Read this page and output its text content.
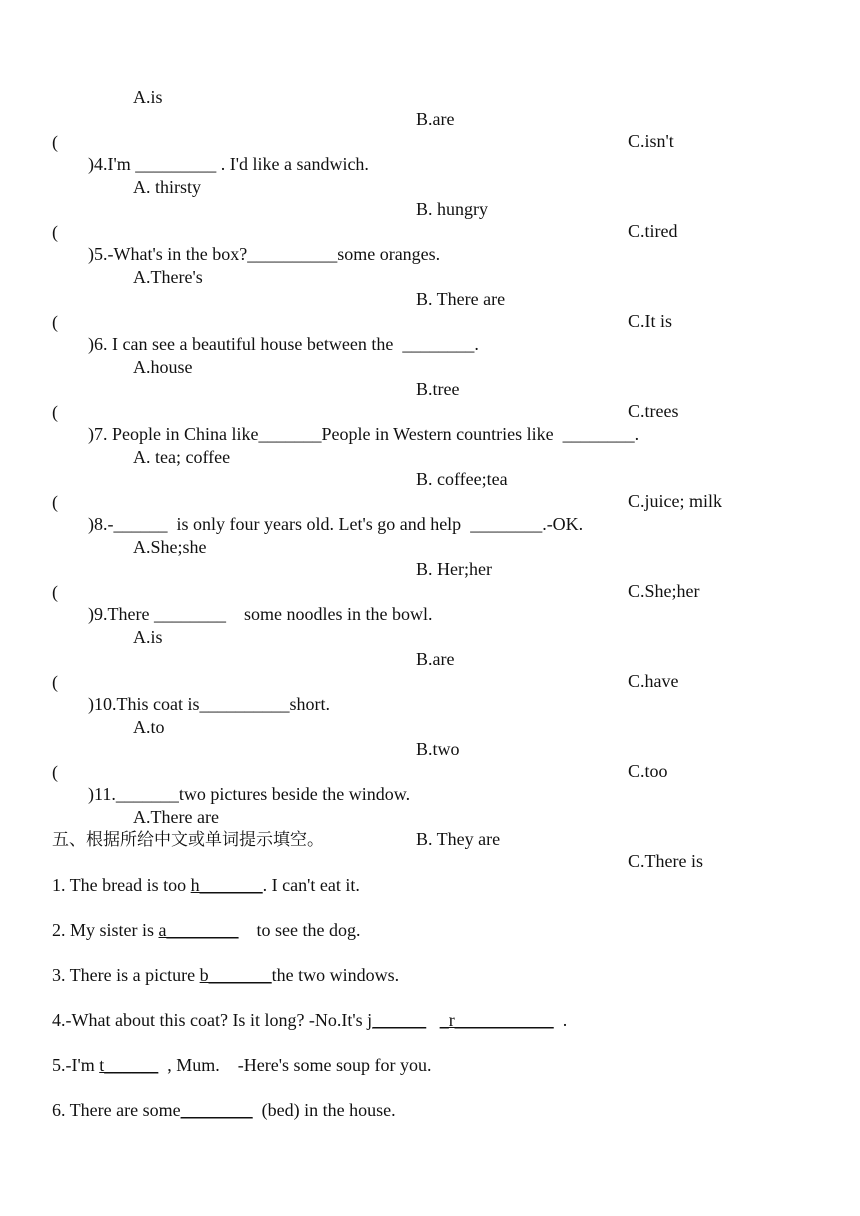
A.is

B.are

C.isn't

(

)4.I'm _________ . I'd like a sandwich.

A. thirsty

B. hungry

C.tired

(

)5.-What's in the box?__________some oranges.

A.There's

B. There are

C.It is

(

)6. I can see a beautiful house between the  ________.

A.house

B.tree

C.trees

(

)7. People in China like_______People in Western countries like  ________.

A. tea; coffee

B. coffee;tea

C.juice; milk

(

)8.-______  is only four years old. Let's go and help  ________.-OK.

A.She;she

B. Her;her

C.She;her

(

)9.There ________    some noodles in the bowl.

A.is

B.are

C.have

(

)10.This coat is__________short.

A.to

B.two

C.too

(

)11._______two pictures beside the window.

A.There are

B. They are

C.There is

五、根据所给中文或单词提示填空。
1. The bread is too h_______. I can't eat it.
2. My sister is a________    to see the dog.
3. There is a picture b_______the two windows.
4.-What about this coat? Is it long? -No.It's j______ _r___________  .
5.-I'm t______  , Mum.    -Here's some soup for you.
6. There are some________  (bed) in the house.
